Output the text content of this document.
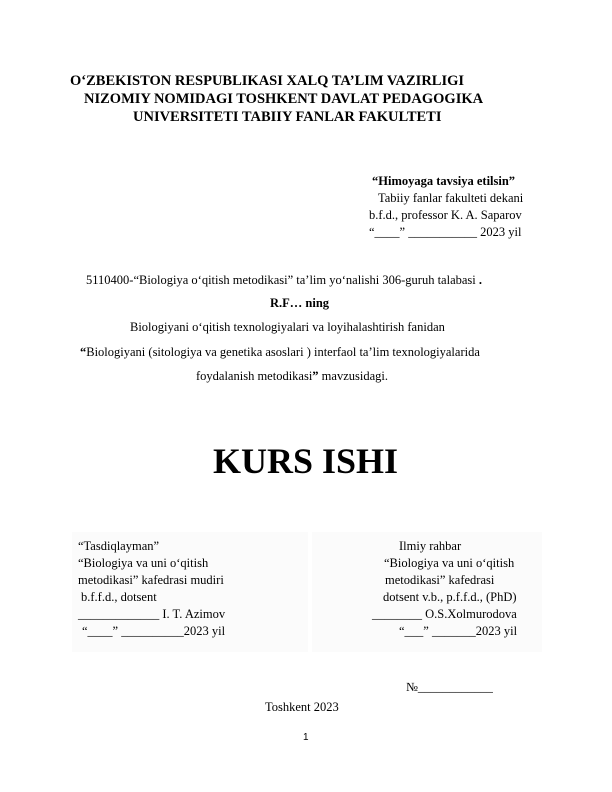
O‘ZBEKISTON RESPUBLIKASI XALQ TA’LIM VAZIRLIGI
NIZOMIY NOMIDAGI TOSHKENT DAVLAT PEDAGOGIKA
UNIVERSITETI TABIIY FANLAR FAKULTETI
“Himoyaga tavsiya etilsin”
Tabiiy fanlar fakulteti dekani
b.f.d., professor K. A. Saparov
“____” ___________ 2023 yil
5110400-“Biologiya o‘qitish metodikasi” ta’lim yo‘nalishi 306-guruh talabasi .
R.F… ning
Biologiyani o‘qitish texnologiyalari va loyihalashtirish fanidan
“Biologiyani (sitologiya va genetika asoslari ) interfaol ta’lim texnologiyalarida
foydalanish metodikasi” mavzusidagi.
KURS ISHI
“Tasdiqlayman”
“Biologiya va uni o‘qitish
metodikasi” kafedrasi mudiri
b.f.f.d., dotsent
_____________ I. T. Azimov
“____” __________2023 yil
Ilmiy rahbar
“Biologiya va uni o‘qitish
metodikasi” kafedrasi
dotsent v.b., p.f.f.d., (PhD)
________ O.S.Xolmurodova
“___” _______2023 yil
№____________
Toshkent 2023
1
